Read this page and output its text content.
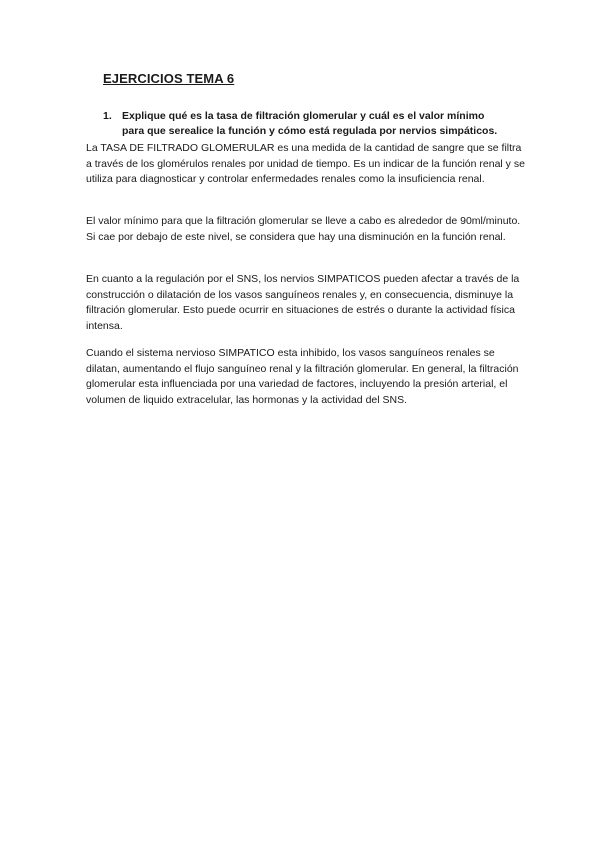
EJERCICIOS TEMA 6
1. Explique qué es la tasa de filtración glomerular y cuál es el valor mínimo
para que serealice la función y cómo está regulada por nervios simpáticos.

La TASA DE FILTRADO GLOMERULAR es una medida de la cantidad de sangre que se filtra a través de los glomérulos renales por unidad de tiempo. Es un indicar de la función renal y se utiliza para diagnosticar y controlar enfermedades renales como la insuficiencia renal.

El valor mínimo para que la filtración glomerular se lleve a cabo es alrededor de 90ml/minuto. Si cae por debajo de este nivel, se considera que hay una disminución en la función renal.

En cuanto a la regulación por el SNS, los nervios SIMPATICOS pueden afectar a través de la construcción o dilatación de los vasos sanguíneos renales y, en consecuencia, disminuye la filtración glomerular. Esto puede ocurrir en situaciones de estrés o durante la actividad física intensa.

Cuando el sistema nervioso SIMPATICO esta inhibido, los vasos sanguíneos renales se dilatan, aumentando el flujo sanguíneo renal y la filtración glomerular. En general, la filtración glomerular esta influenciada por una variedad de factores, incluyendo la presión arterial, el volumen de liquido extracelular, las hormonas y la actividad del SNS.
